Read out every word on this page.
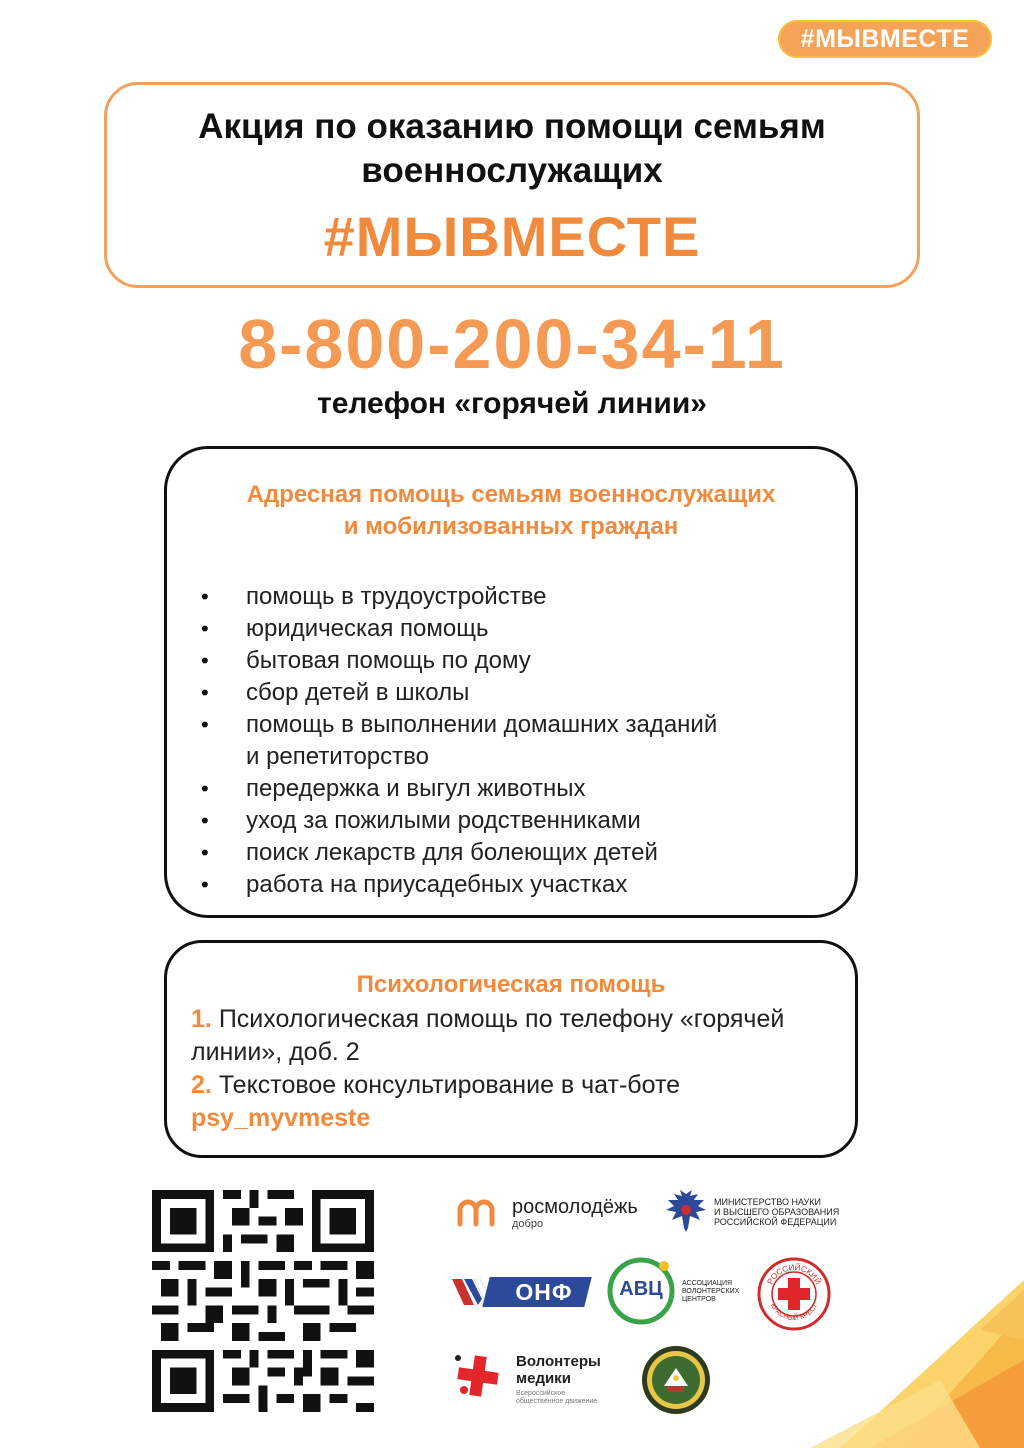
#МЫВМЕСТЕ
Акция по оказанию помощи семьям
военнослужащих
#МЫВМЕСТЕ
8-800-200-34-11
телефон «горячей линии»
Адресная помощь семьям военнослужащих
и мобилизованных граждан
• помощь в трудоустройстве
• юридическая помощь
• бытовая помощь по дому
• сбор детей в школы
• помощь в выполнении домашних заданий
и репетиторство
• передержка и выгул животных
• уход за пожилыми родственниками
• поиск лекарств для болеющих детей
• работа на приусадебных участках
Психологическая помощь
1. Психологическая помощь по телефону «горячей линии», доб. 2
2. Текстовое консультирование в чат-боте
psy_myvmeste
росмолодёжь
добро
МИНИСТЕРСТВО НАУКИ
И ВЫСШЕГО ОБРАЗОВАНИЯ
РОССИЙСКОЙ ФЕДЕРАЦИИ
ОНФ	АВЦ	АССОЦИАЦИЯ
ВОЛОНТЕРСКИХ
ЦЕНТРОВ
РОССИЙСКИЙ
КРАСНЫЙ КРЕСТ
Волонтеры
медики
Всероссийское
общественное движение
